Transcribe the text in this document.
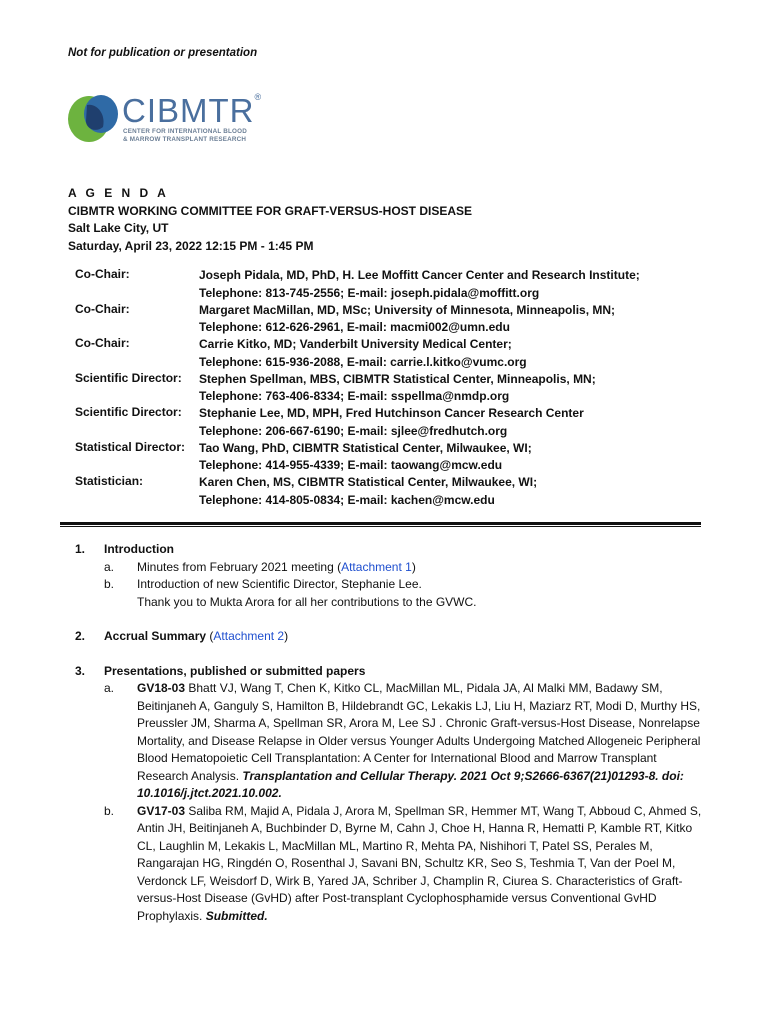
Not for publication or presentation
CIBMTR®
CENTER FOR INTERNATIONAL BLOOD
& MARROW TRANSPLANT RESEARCH
A G E N D A
CIBMTR WORKING COMMITTEE FOR GRAFT-VERSUS-HOST DISEASE
Salt Lake City, UT
Saturday, April 23, 2022 12:15 PM - 1:45 PM
Co-Chair:	Joseph Pidala, MD, PhD, H. Lee Moffitt Cancer Center and Research Institute;
Telephone: 813-745-2556; E-mail: joseph.pidala@moffitt.org
Co-Chair:	Margaret MacMillan, MD, MSc; University of Minnesota, Minneapolis, MN;
Telephone: 612-626-2961, E-mail: macmi002@umn.edu
Co-Chair:	Carrie Kitko, MD; Vanderbilt University Medical Center;
Telephone: 615-936-2088, E-mail: carrie.l.kitko@vumc.org
Scientific Director:	Stephen Spellman, MBS, CIBMTR Statistical Center, Minneapolis, MN;
Telephone: 763-406-8334; E-mail: sspellma@nmdp.org
Scientific Director:	Stephanie Lee, MD, MPH, Fred Hutchinson Cancer Research Center
Telephone: 206-667-6190; E-mail: sjlee@fredhutch.org
Statistical Director:	Tao Wang, PhD, CIBMTR Statistical Center, Milwaukee, WI;
Telephone: 414-955-4339; E-mail: taowang@mcw.edu
Statistician:	Karen Chen, MS, CIBMTR Statistical Center, Milwaukee, WI;
Telephone: 414-805-0834; E-mail: kachen@mcw.edu
1. Introduction
a. Minutes from February 2021 meeting (Attachment 1)
b. Introduction of new Scientific Director, Stephanie Lee.
Thank you to Mukta Arora for all her contributions to the GVWC.
2. Accrual Summary (Attachment 2)
3. Presentations, published or submitted papers
a. GV18-03 Bhatt VJ, Wang T, Chen K, Kitko CL, MacMillan ML, Pidala JA, Al Malki MM, Badawy SM, Beitinjaneh A, Ganguly S, Hamilton B, Hildebrandt GC, Lekakis LJ, Liu H, Maziarz RT, Modi D, Murthy HS, Preussler JM, Sharma A, Spellman SR, Arora M, Lee SJ . Chronic Graft-versus-Host Disease, Nonrelapse Mortality, and Disease Relapse in Older versus Younger Adults Undergoing Matched Allogeneic Peripheral Blood Hematopoietic Cell Transplantation: A Center for International Blood and Marrow Transplant Research Analysis. Transplantation and Cellular Therapy. 2021 Oct 9;S2666-6367(21)01293-8. doi: 10.1016/j.jtct.2021.10.002.
b. GV17-03 Saliba RM, Majid A, Pidala J, Arora M, Spellman SR, Hemmer MT, Wang T, Abboud C, Ahmed S, Antin JH, Beitinjaneh A, Buchbinder D, Byrne M, Cahn J, Choe H, Hanna R, Hematti P, Kamble RT, Kitko CL, Laughlin M, Lekakis L, MacMillan ML, Martino R, Mehta PA, Nishihori T, Patel SS, Perales M, Rangarajan HG, Ringdén O, Rosenthal J, Savani BN, Schultz KR, Seo S, Teshmia T, Van der Poel M, Verdonck LF, Weisdorf D, Wirk B, Yared JA, Schriber J, Champlin R, Ciurea S. Characteristics of Graft-versus-Host Disease (GvHD) after Post-transplant Cyclophosphamide versus Conventional GvHD Prophylaxis. Submitted.
